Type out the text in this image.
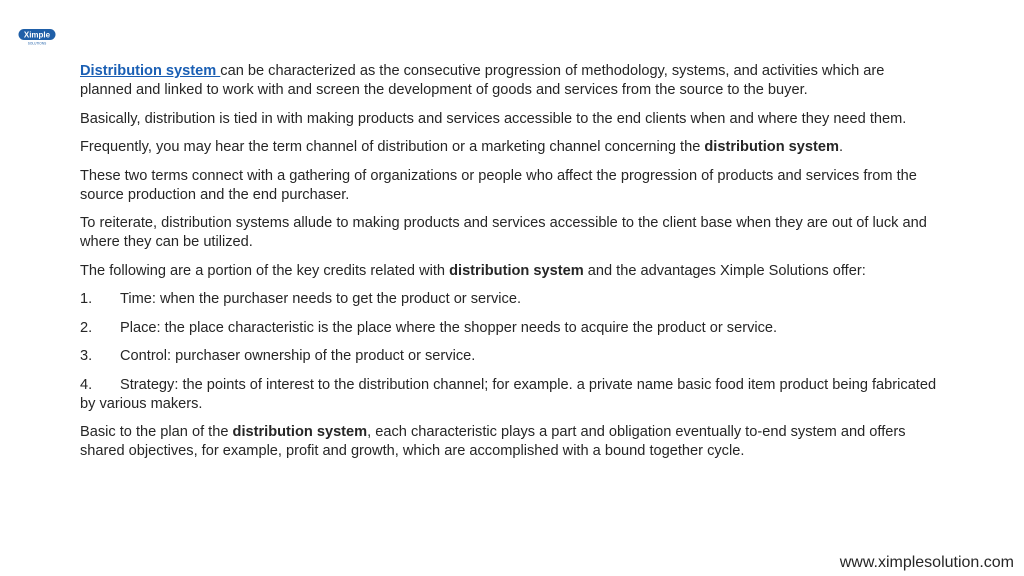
Ximple
SOLUTIONS

Distribution system can be characterized as the consecutive progression of methodology, systems, and activities which are planned and linked to work with and screen the development of goods and services from the source to the buyer.

Basically, distribution is tied in with making products and services accessible to the end clients when and where they need them.

Frequently, you may hear the term channel of distribution or a marketing channel concerning the distribution system.

These two terms connect with a gathering of organizations or people who affect the progression of products and services from the source production and the end purchaser.

To reiterate, distribution systems allude to making products and services accessible to the client base when they are out of luck and where they can be utilized.

The following are a portion of the key credits related with distribution system and the advantages Ximple Solutions offer:

1. Time: when the purchaser needs to get the product or service.

2. Place: the place characteristic is the place where the shopper needs to acquire the product or service.

3. Control: purchaser ownership of the product or service.

4. Strategy: the points of interest to the distribution channel; for example. a private name basic food item product being fabricated by various makers.

Basic to the plan of the distribution system, each characteristic plays a part and obligation eventually to-end system and offers shared objectives, for example, profit and growth, which are accomplished with a bound together cycle.

www.ximplesolution.com
